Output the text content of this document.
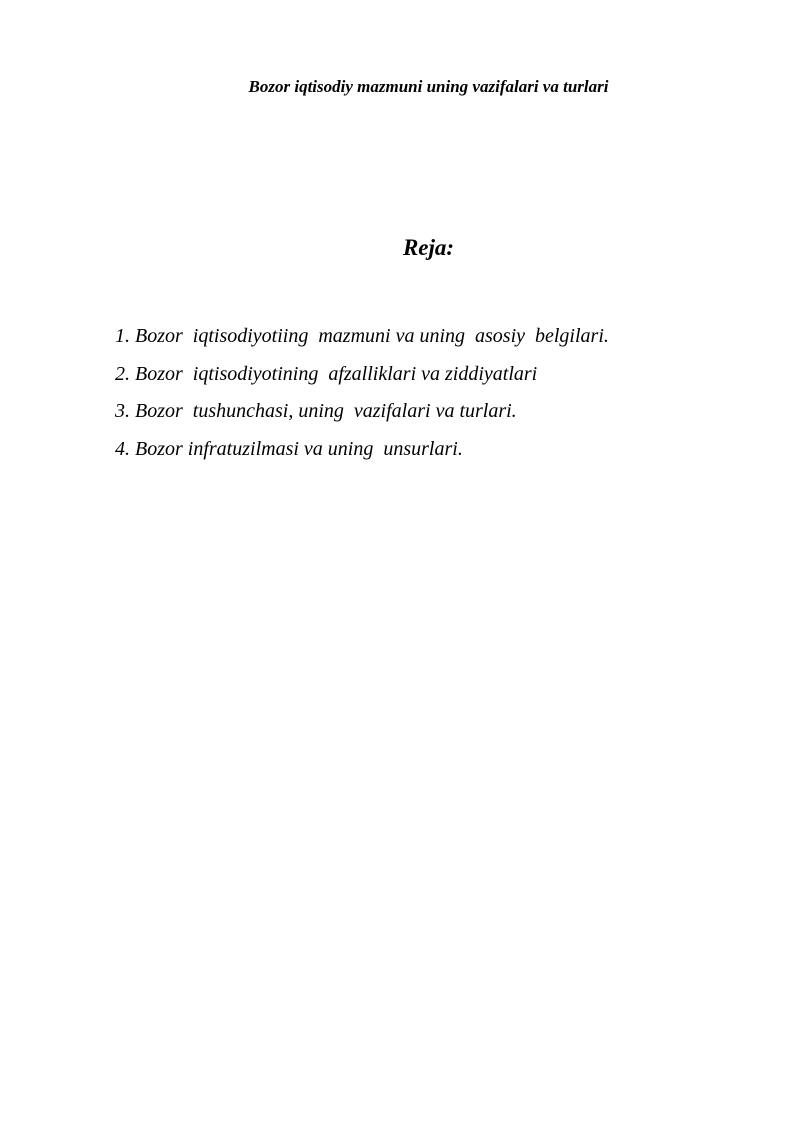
Bozor iqtisodiy mazmuni uning vazifalari va turlari
Reja:
1. Bozor  iqtisodiyotiing  mazmuni va uning  asosiy  belgilari.
2. Bozor  iqtisodiyotining  afzalliklari va ziddiyatlari
3. Bozor  tushunchasi, uning  vazifalari va turlari.
4. Bozor infratuzilmasi va uning  unsurlari.
